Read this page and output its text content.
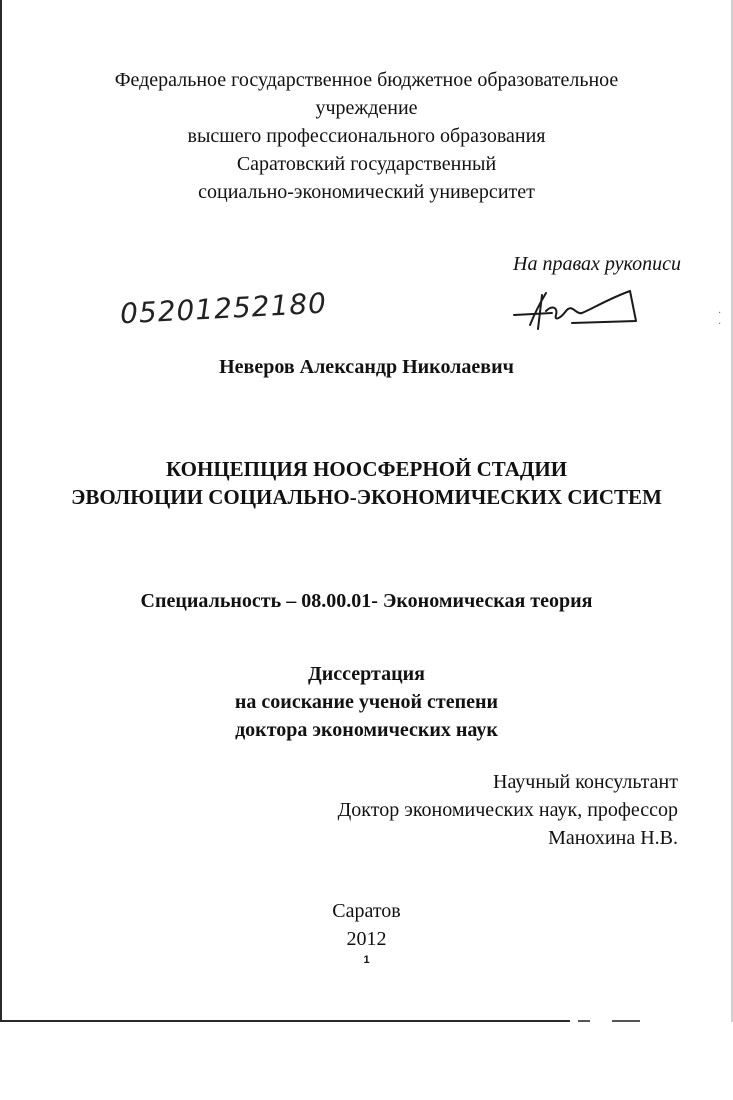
Федеральное государственное бюджетное образовательное
учреждение
высшего профессионального образования
Саратовский государственный
социально-экономический университет
На правах рукописи
05201252180	· ·
Неверов Александр Николаевич
КОНЦЕПЦИЯ НООСФЕРНОЙ СТАДИИ
ЭВОЛЮЦИИ СОЦИАЛЬНО-ЭКОНОМИЧЕСКИХ СИСТЕМ
Специальность – 08.00.01- Экономическая теория
Диссертация
на соискание ученой степени
доктора экономических наук
Научный консультант
Доктор экономических наук, профессор
Манохина Н.В.
Саратов
2012
1
